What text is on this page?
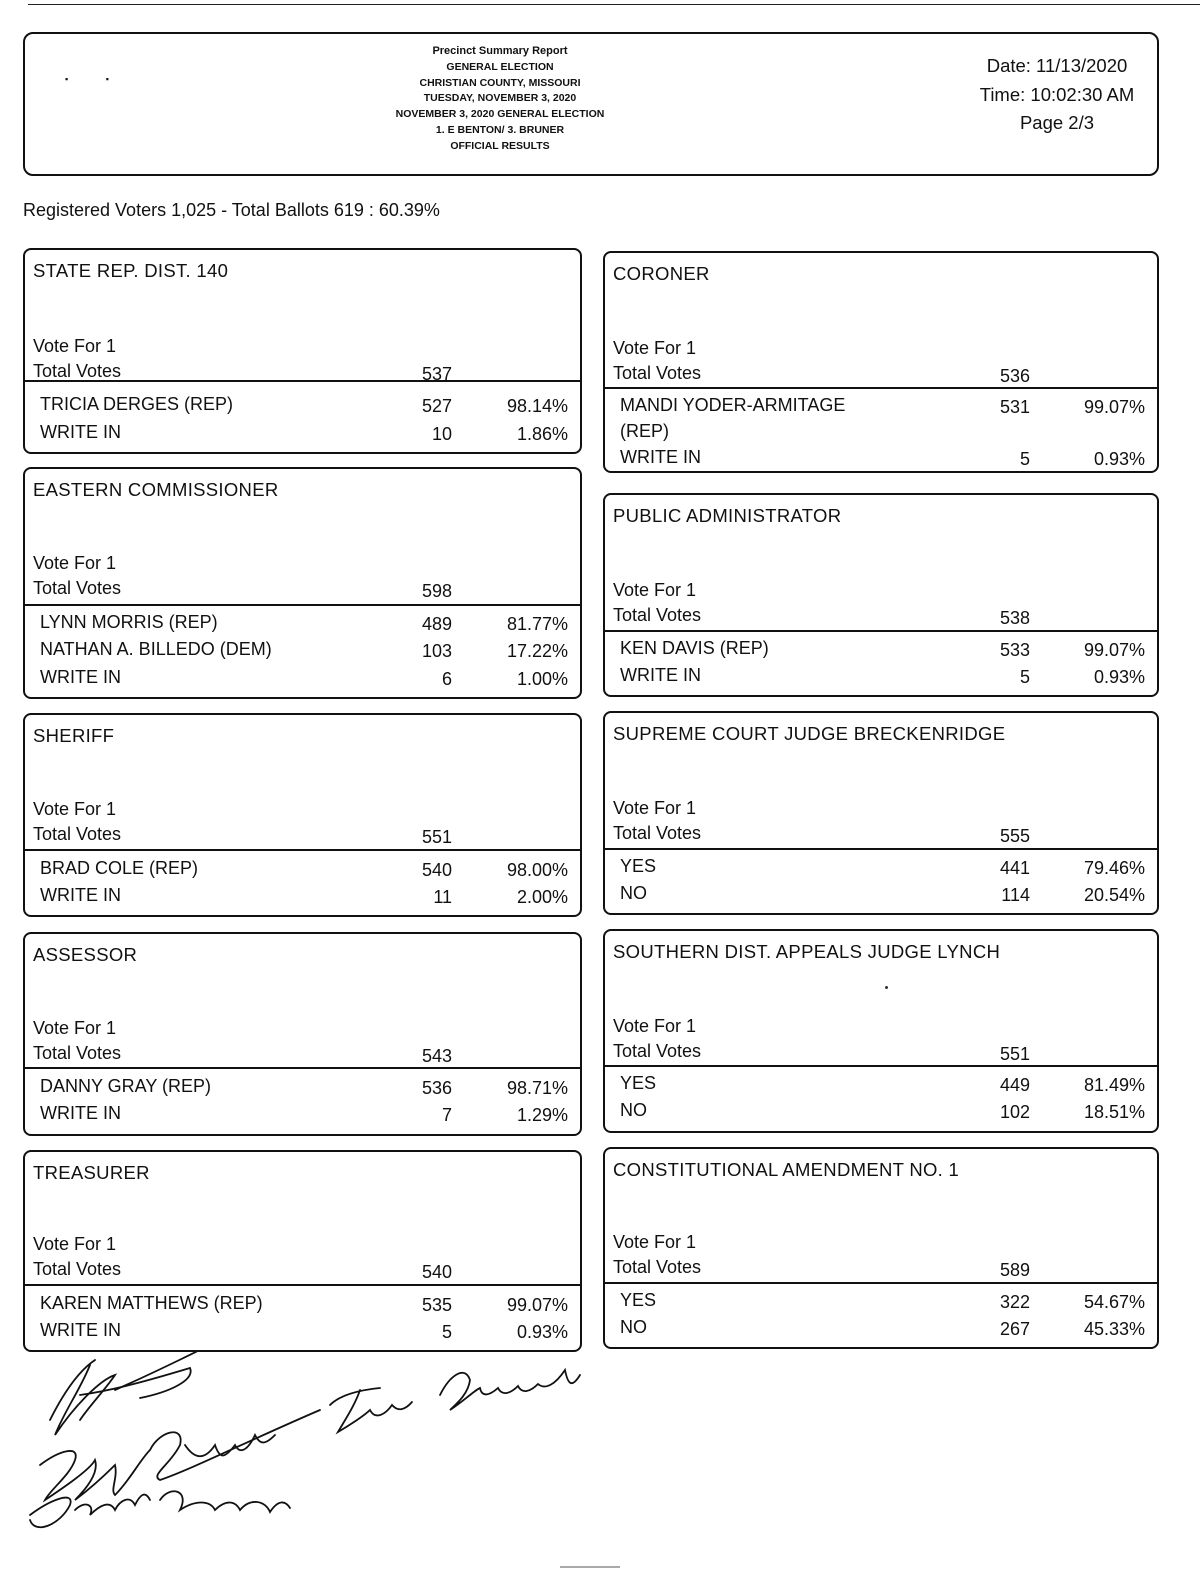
▪               ▪
Precinct Summary Report
GENERAL ELECTION
CHRISTIAN COUNTY, MISSOURI
TUESDAY, NOVEMBER 3, 2020
NOVEMBER 3, 2020 GENERAL ELECTION
1. E BENTON/ 3. BRUNER
OFFICIAL RESULTS
Date: 11/13/2020
Time: 10:02:30 AM
Page 2/3
Registered Voters 1,025 - Total Ballots 619 : 60.39%
STATE REP. DIST. 140
Vote For 1
Total Votes	537
TRICIA DERGES (REP)	527	98.14%
WRITE IN	10	1.86%
EASTERN COMMISSIONER
Vote For 1
Total Votes	598
LYNN MORRIS (REP)	489	81.77%
NATHAN A. BILLEDO (DEM)	103	17.22%
WRITE IN	6	1.00%
SHERIFF
Vote For 1
Total Votes	551
BRAD COLE (REP)	540	98.00%
WRITE IN	11	2.00%
ASSESSOR
Vote For 1
Total Votes	543
DANNY GRAY (REP)	536	98.71%
WRITE IN	7	1.29%
TREASURER
Vote For 1
Total Votes	540
KAREN MATTHEWS (REP)	535	99.07%
WRITE IN	5	0.93%
CORONER
Vote For 1
Total Votes	536
MANDI YODER-ARMITAGE
(REP)
531	99.07%
WRITE IN	5	0.93%
PUBLIC ADMINISTRATOR
Vote For 1
Total Votes	538
KEN DAVIS (REP)	533	99.07%
WRITE IN	5	0.93%
SUPREME COURT JUDGE BRECKENRIDGE
Vote For 1
Total Votes	555
YES	441	79.46%
NO	114	20.54%
SOUTHERN DIST. APPEALS JUDGE LYNCH
Vote For 1
Total Votes	551
YES	449	81.49%
NO	102	18.51%
CONSTITUTIONAL AMENDMENT NO. 1
Vote For 1
Total Votes	589
YES	322	54.67%
NO	267	45.33%
